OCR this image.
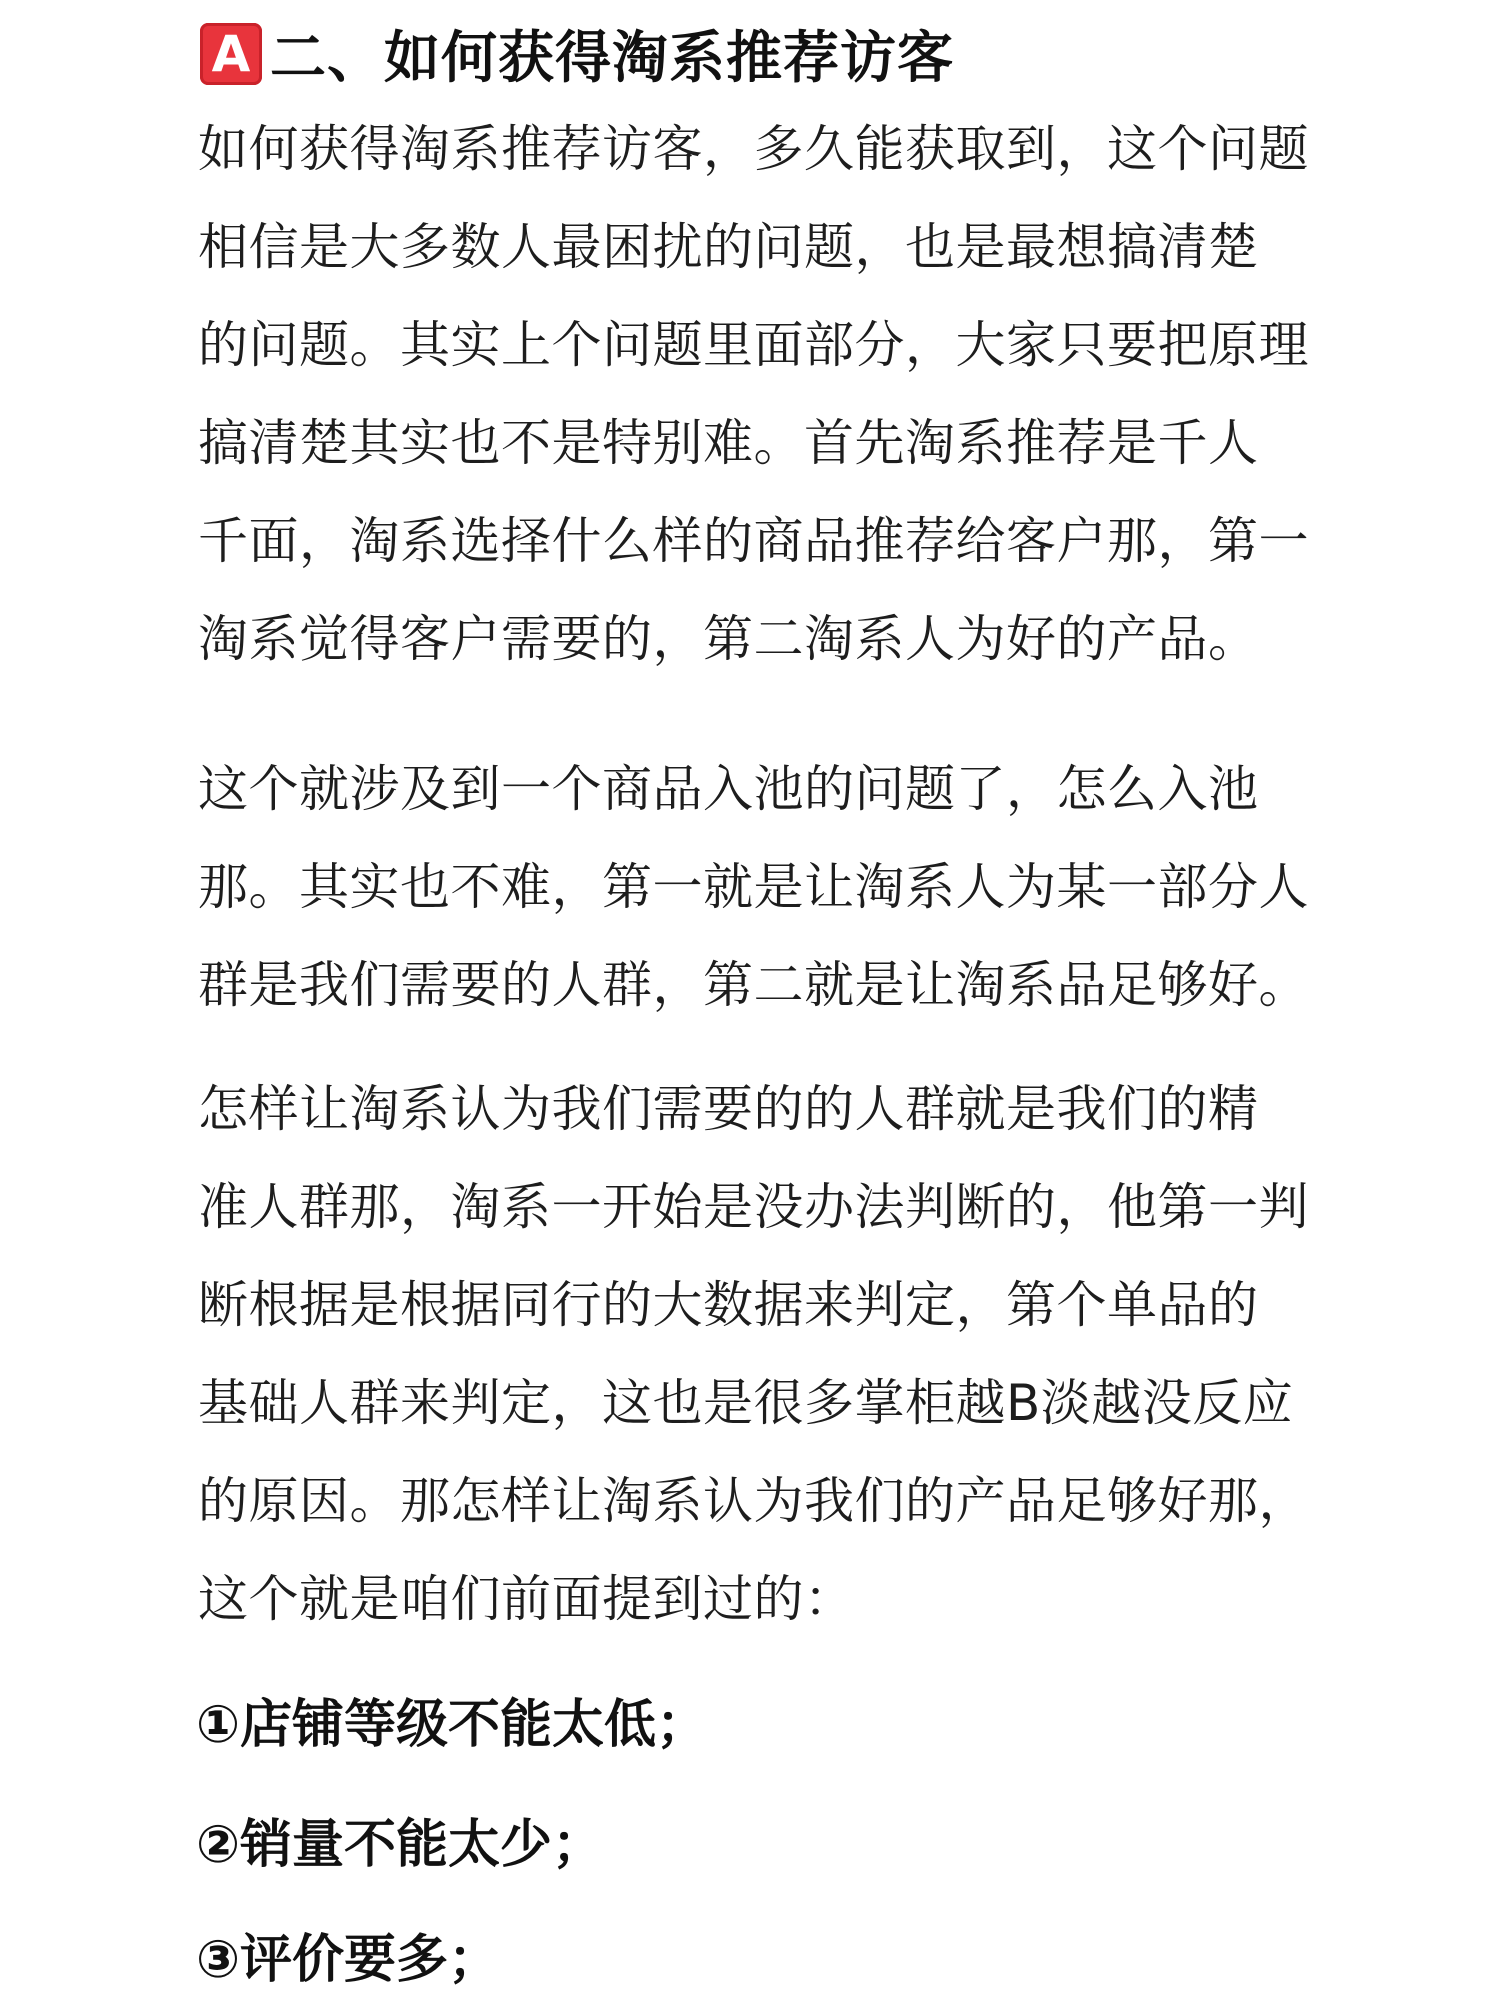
A 二、如何获得淘系推荐访客

如何获得淘系推荐访客，多久能获取到，这个问题
相信是大多数人最困扰的问题，也是最想搞清楚
的问题。其实上个问题里面部分，大家只要把原理
搞清楚其实也不是特别难。首先淘系推荐是千人
千面，淘系选择什么样的商品推荐给客户那，第一
淘系觉得客户需要的，第二淘系人为好的产品。

这个就涉及到一个商品入池的问题了，怎么入池
那。其实也不难，第一就是让淘系人为某一部分人
群是我们需要的人群，第二就是让淘系品足够好。

怎样让淘系认为我们需要的的人群就是我们的精
准人群那，淘系一开始是没办法判断的，他第一判
断根据是根据同行的大数据来判定，第个单品的
基础人群来判定，这也是很多掌柜越B淡越没反应
的原因。那怎样让淘系认为我们的产品足够好那，
这个就是咱们前面提到过的：

①店铺等级不能太低；
②销量不能太少；
③评价要多；
